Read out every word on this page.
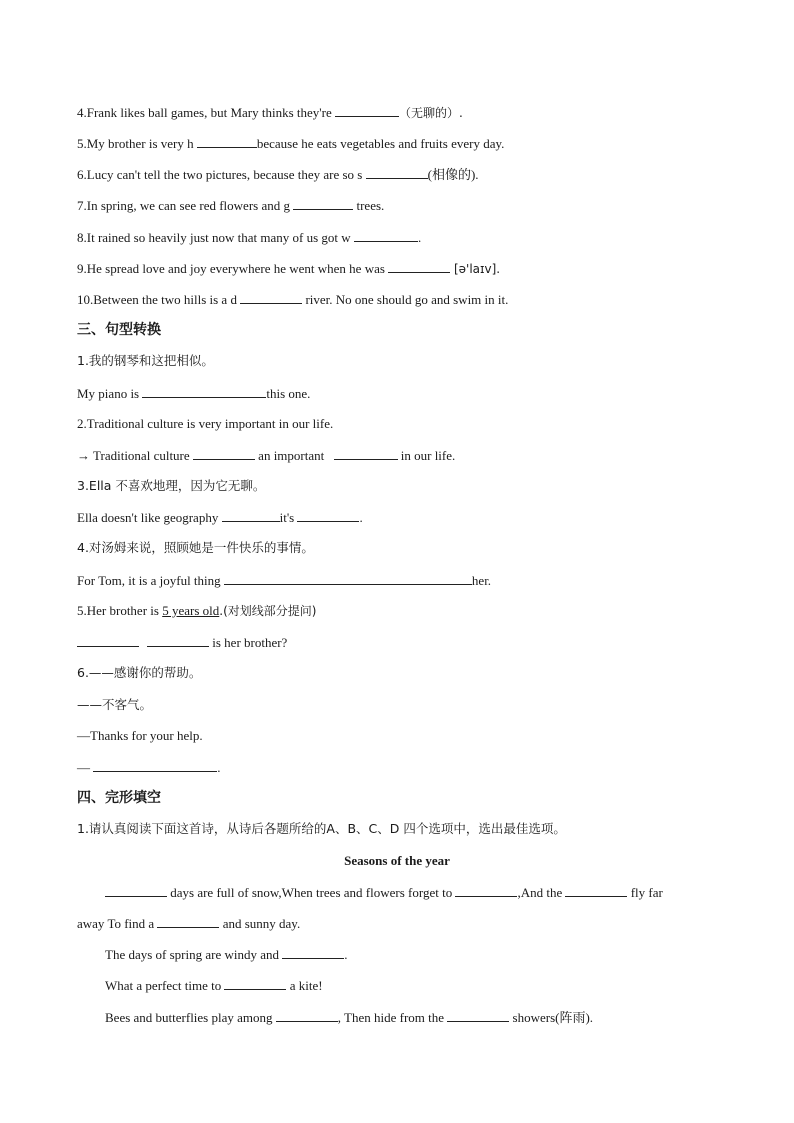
4.Frank likes ball games, but Mary thinks they're	（无聊的）.
5.My brother is very h	because he eats vegetables and fruits every day.
6.Lucy can't tell the two pictures, because they are so s	(相像的).
7.In spring, we can see red flowers and g	trees.
8.It rained so heavily just now that many of us got w	.
9.He spread love and joy everywhere he went when he was	[ə'laɪv].
10.Between the two hills is a d	river. No one should go and swim in it.
三、句型转换
1.我的钢琴和这把相似。
My piano is	this one.
2.Traditional culture is very important in our life.
→ Traditional culture	an important	in our life.
3.Ella 不喜欢地理，因为它无聊。
Ella doesn't like geography	it's	.
4.对汤姆来说，照顾她是一件快乐的事情。
For Tom, it is a joyful thing	her.
5.Her brother is 5 years old.(对划线部分提问)
is her brother?
6.——感谢你的帮助。
——不客气。
—Thanks for your help.
—	.
四、完形填空
1.请认真阅读下面这首诗，从诗后各题所给的A、B、C、D 四个选项中，选出最佳选项。
Seasons of the year
days are full of snow,When trees and flowers forget to	,And the	fly far
away To find a	and sunny day.
The days of spring are windy and	.
What a perfect time to	a kite!
Bees and butterflies play among	, Then hide from the	showers(阵雨).
